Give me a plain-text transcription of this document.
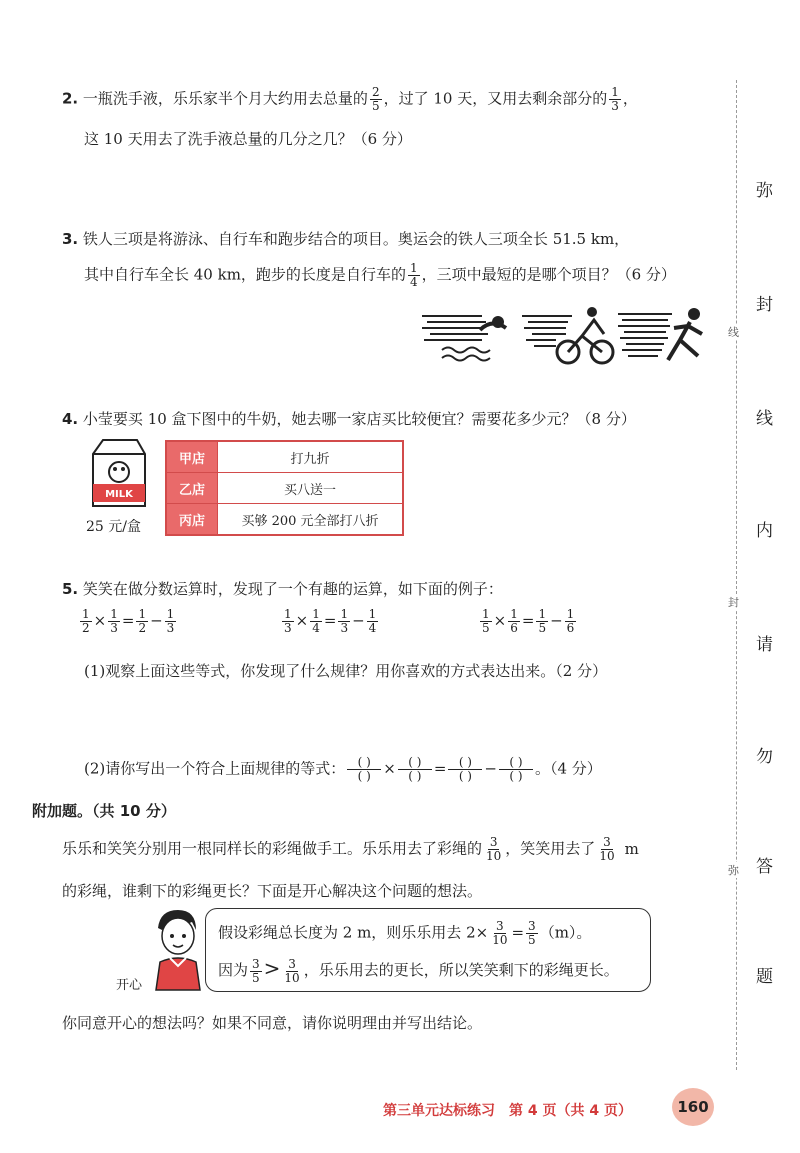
2. 一瓶洗手液，乐乐家半个月大约用去总量的 $\frac{2}{5}$ ，过了 10 天，又用去剩余部分的 $\frac{1}{3}$ ，
这 10 天用去了洗手液总量的几分之几？（6 分）
3. 铁人三项是将游泳、自行车和跑步结合的项目。奥运会的铁人三项全长 51.5 km，
其中自行车全长 40 km，跑步的长度是自行车的 $\frac{1}{4}$ ，三项中最短的是哪个项目？（6 分）
4. 小莹要买 10 盒下图中的牛奶，她去哪一家店买比较便宜？需要花多少元？（8 分）
MILK
25 元/盒
甲店	打九折
乙店	买八送一
丙店	买够 200 元全部打八折
5. 笑笑在做分数运算时，发现了一个有趣的运算，如下面的例子：
$\frac{1}{2} \times \frac{1}{3} = \frac{1}{2} - \frac{1}{3}$	$\frac{1}{3} \times \frac{1}{4} = \frac{1}{3} - \frac{1}{4}$	$\frac{1}{5} \times \frac{1}{6} = \frac{1}{5} - \frac{1}{6}$
(1)观察上面这些等式，你发现了什么规律？用你喜欢的方式表达出来。（2 分）
(2)请你写出一个符合上面规律的等式： $\frac{( )}{( )} \times \frac{( )}{( )} = \frac{( )}{( )} - \frac{( )}{( )}$ 。（4 分）
附加题。（共 10 分）
乐乐和笑笑分别用一根同样长的彩绳做手工。乐乐用去了彩绳的 $\frac{3}{10}$ ，笑笑用去了 $\frac{3}{10}$ m
的彩绳，谁剩下的彩绳更长？下面是开心解决这个问题的想法。
开心
假设彩绳总长度为 2 m，则乐乐用去 $2\times \frac{3}{10} = \frac{3}{5} (m)$。
因为 $\frac{3}{5} > \frac{3}{10}$ ，乐乐用去的更长，所以笑笑剩下的彩绳更长。
你同意开心的想法吗？如果不同意，请你说明理由并写出结论。
弥
封
线
内
请
勿
答
题
线
封
弥
第三单元达标练习　第 4 页（共 4 页）	160
